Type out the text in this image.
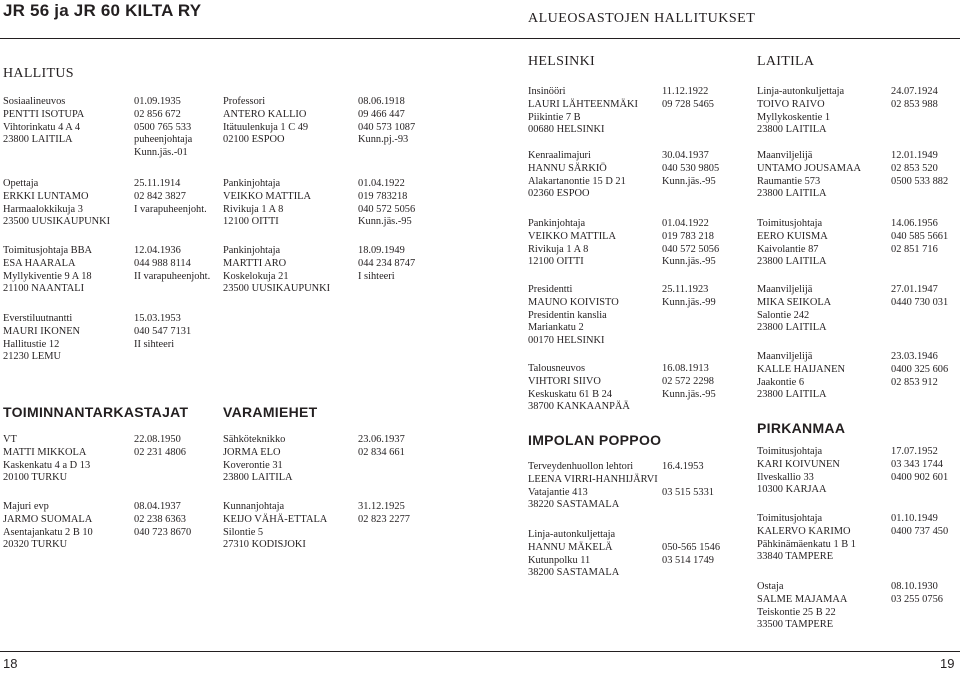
JR 56 ja JR 60 KILTA RY	ALUEOSASTOJEN HALLITUKSET
HALLITUS
TOIMINNANTARKASTAJAT VARAMIEHET
Sosiaalineuvos	01.09.1935
PENTTI ISOTUPA	02 856 672
Vihtorinkatu 4 A 4	0500 765 533
23800 LAITILA	puheenjohtaja
Kunn.jäs.-01
Professori	08.06.1918
ANTERO KALLIO	09 466 447
Itätuulenkuja 1 C 49	040 573 1087
02100 ESPOO	Kunn.pj.-93
Opettaja	25.11.1914
ERKKI LUNTAMO	02 842 3827
Harmaalokkikuja 3	I varapuheenjoht.
23500 UUSIKAUPUNKI
Pankinjohtaja	01.04.1922
VEIKKO MATTILA	019 783218
Rivikuja 1 A 8	040 572 5056
12100 OITTI	Kunn.jäs.-95
Toimitusjohtaja BBA	12.04.1936
ESA HAARALA	044 988 8114
Myllykiventie 9 A 18	II varapuheenjoht.
21100 NAANTALI
Pankinjohtaja	18.09.1949
MARTTI ARO	044 234 8747
Koskelokuja 21	I sihteeri
23500 UUSIKAUPUNKI
Everstiluutnantti	15.03.1953
MAURI IKONEN	040 547 7131
Hallitustie 12	II sihteeri
21230 LEMU
VT	22.08.1950
MATTI MIKKOLA	02 231 4806
Kaskenkatu 4 a D 13
20100 TURKU
Sähköteknikko	23.06.1937
JORMA ELO	02 834 661
Koverontie 31
23800 LAITILA
Majuri evp	08.04.1937
JARMO SUOMALA	02 238 6363
Asentajankatu 2 B 10	040 723 8670
20320 TURKU
Kunnanjohtaja	31.12.1925
KEIJO VÄHÄ-ETTALA	02 823 2277
Silontie 5
27310 KODISJOKI
HELSINKI
IMPOLAN POPPOO
LAITILA
PIRKANMAA
Insinööri	11.12.1922
LAURI LÄHTEENMÄKI 09 728 5465
Piikintie 7 B
00680 HELSINKI
Kenraalimajuri	30.04.1937
HANNU SÄRKIÖ	040 530 9805
Alakartanontie 15 D 21	Kunn.jäs.-95
02360 ESPOO
Pankinjohtaja	01.04.1922
VEIKKO MATTILA	019 783 218
Rivikuja 1 A 8	040 572 5056
12100 OITTI	Kunn.jäs.-95
Presidentti	25.11.1923
MAUNO KOIVISTO	Kunn.jäs.-99
Presidentin kanslia
Mariankatu 2
00170 HELSINKI
Talousneuvos	16.08.1913
VIHTORI SIIVO	02 572 2298
Keskuskatu 61 B 24	Kunn.jäs.-95
38700 KANKAANPÄÄ
Terveydenhuollon lehtori	16.4.1953
LEENA VIRRI-HANHIJÄRVI
Vatajantie 413	03 515 5331
38220 SASTAMALA
Linja-autonkuljettaja
HANNU MÄKELÄ	050-565 1546
Kutunpolku 11	03 514 1749
38200 SASTAMALA
Linja-autonkuljettaja	24.07.1924
TOIVO RAIVO	02 853 988
Myllykoskentie 1
23800 LAITILA
Maanviljelijä	12.01.1949
UNTAMO JOUSAMAA	02 853 520
Raumantie 573	0500 533 882
23800 LAITILA
Toimitusjohtaja	14.06.1956
EERO KUISMA	040 585 5661
Kaivolantie 87	02 851 716
23800 LAITILA
Maanviljelijä	27.01.1947
MIKA SEIKOLA	0440 730 031
Salontie 242
23800 LAITILA
Maanviljelijä	23.03.1946
KALLE HAIJANEN	0400 325 606
Jaakontie 6	02 853 912
23800 LAITILA
Toimitusjohtaja	17.07.1952
KARI KOIVUNEN	03 343 1744
Ilveskallio 33	0400 902 601
10300 KARJAA
Toimitusjohtaja	01.10.1949
KALERVO KARIMO	0400 737 450
Pähkinämäenkatu 1 B 1
33840 TAMPERE
Ostaja	08.10.1930
SALME MAJAMAA	03 255 0756
Teiskontie 25 B 22
33500 TAMPERE
18	19
